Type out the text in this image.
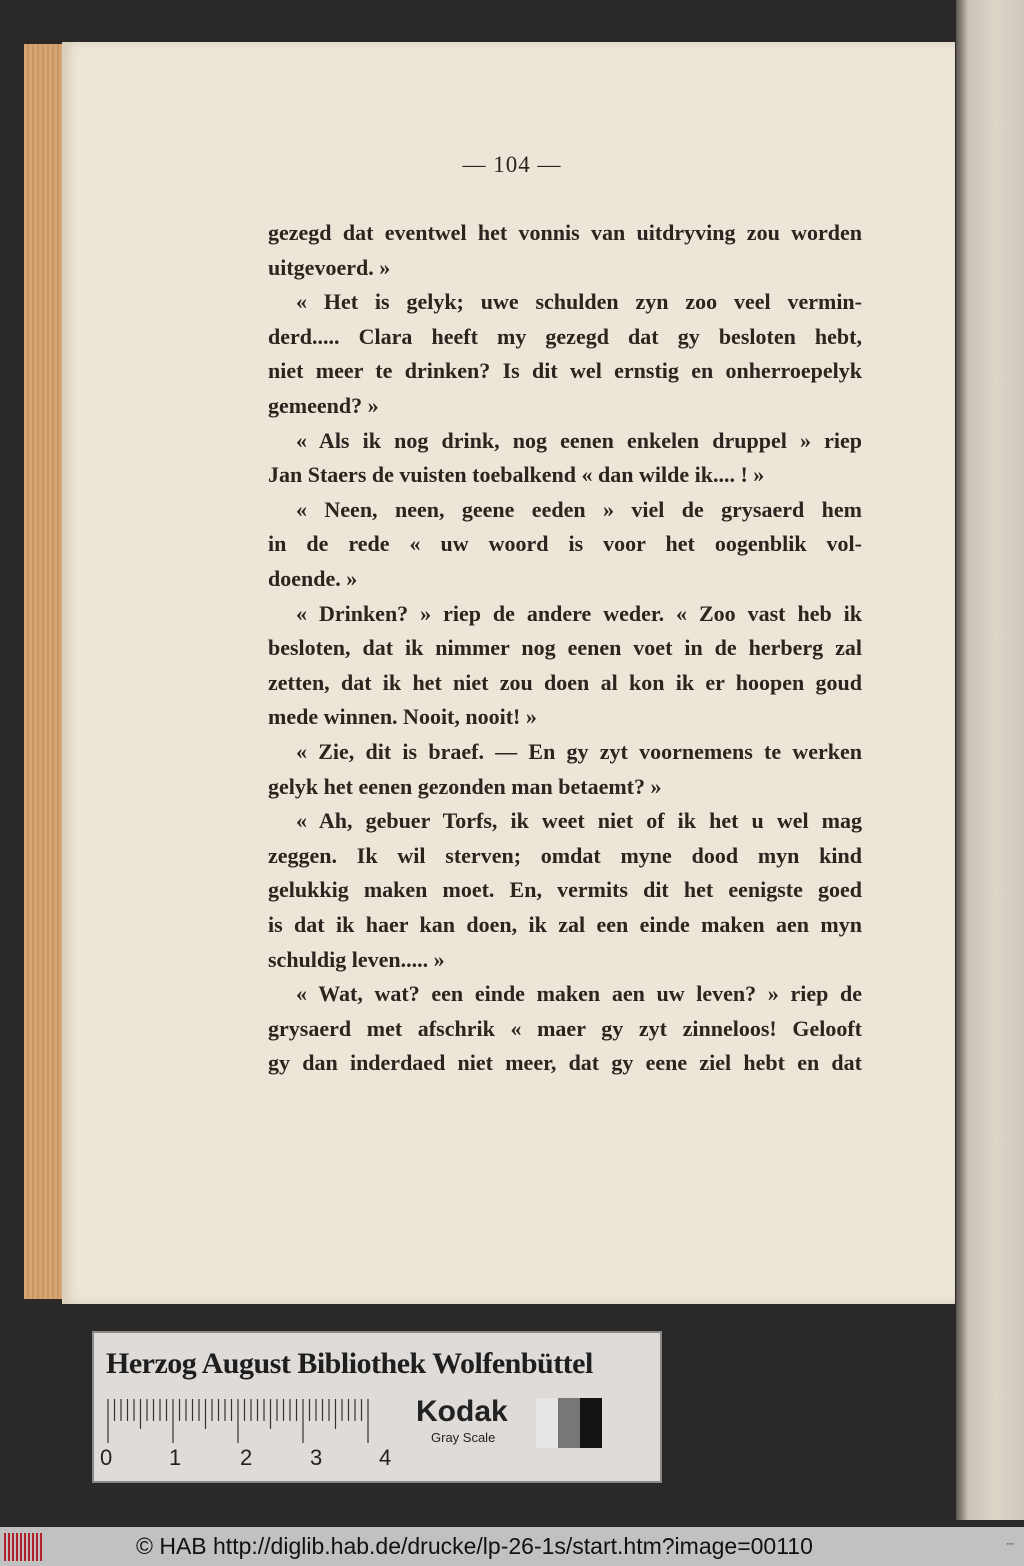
— 104 —
gezegd dat eventwel het vonnis van uitdryving zou worden
uitgevoerd. »
« Het is gelyk; uwe schulden zyn zoo veel vermin-
derd..... Clara heeft my gezegd dat gy besloten hebt,
niet meer te drinken? Is dit wel ernstig en onherroepelyk
gemeend? »
« Als ik nog drink, nog eenen enkelen druppel » riep
Jan Staers de vuisten toebalkend « dan wilde ik.... ! »
« Neen, neen, geene eeden » viel de grysaerd hem
in de rede « uw woord is voor het oogenblik vol-
doende. »
« Drinken? » riep de andere weder. « Zoo vast heb ik
besloten, dat ik nimmer nog eenen voet in de herberg zal
zetten, dat ik het niet zou doen al kon ik er hoopen goud
mede winnen. Nooit, nooit! »
« Zie, dit is braef. — En gy zyt voornemens te werken
gelyk het eenen gezonden man betaemt? »
« Ah, gebuer Torfs, ik weet niet of ik het u wel mag
zeggen. Ik wil sterven; omdat myne dood myn kind
gelukkig maken moet. En, vermits dit het eenigste goed
is dat ik haer kan doen, ik zal een einde maken aen myn
schuldig leven..... »
« Wat, wat? een einde maken aen uw leven? » riep de
grysaerd met afschrik « maer gy zyt zinneloos! Gelooft
gy dan inderdaed niet meer, dat gy eene ziel hebt en dat
Herzog August Bibliothek Wolfenbüttel
0	1	2	3	4
Kodak
Gray Scale
© HAB http://diglib.hab.de/drucke/lp-26-1s/start.htm?image=00110	▪▪▪
